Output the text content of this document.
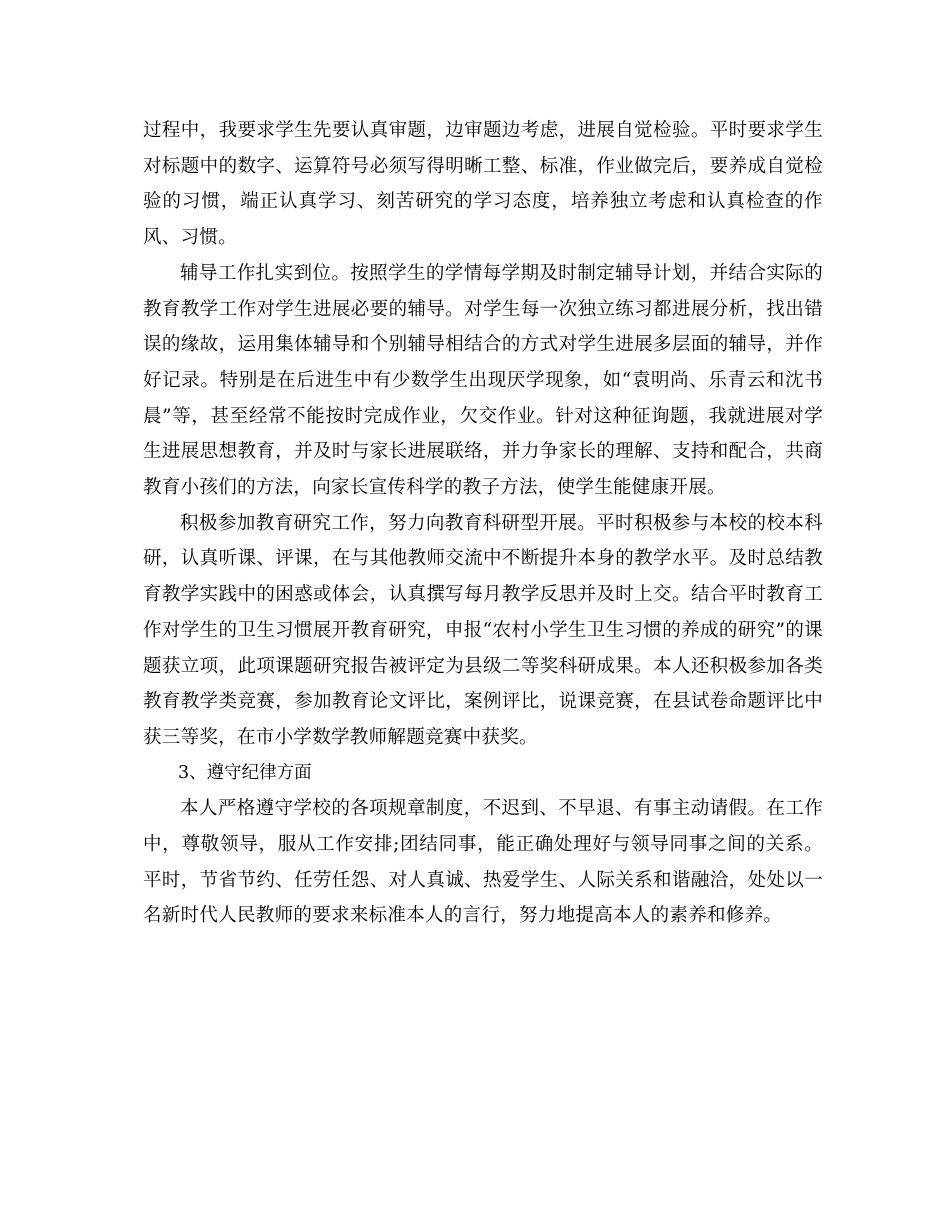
过程中，我要求学生先要认真审题，边审题边考虑，进展自觉检验。平时要求学生对标题中的数字、运算符号必须写得明晰工整、标准，作业做完后，要养成自觉检验的习惯，端正认真学习、刻苦研究的学习态度，培养独立考虑和认真检查的作风、习惯。

辅导工作扎实到位。按照学生的学情每学期及时制定辅导计划，并结合实际的教育教学工作对学生进展必要的辅导。对学生每一次独立练习都进展分析，找出错误的缘故，运用集体辅导和个别辅导相结合的方式对学生进展多层面的辅导，并作好记录。特别是在后进生中有少数学生出现厌学现象，如“袁明尚、乐青云和沈书晨”等，甚至经常不能按时完成作业，欠交作业。针对这种征询题，我就进展对学生进展思想教育，并及时与家长进展联络，并力争家长的理解、支持和配合，共商教育小孩们的方法，向家长宣传科学的教子方法，使学生能健康开展。

积极参加教育研究工作，努力向教育科研型开展。平时积极参与本校的校本科研，认真听课、评课，在与其他教师交流中不断提升本身的教学水平。及时总结教育教学实践中的困惑或体会，认真撰写每月教学反思并及时上交。结合平时教育工作对学生的卫生习惯展开教育研究，申报“农村小学生卫生习惯的养成的研究”的课题获立项，此项课题研究报告被评定为县级二等奖科研成果。本人还积极参加各类教育教学类竞赛，参加教育论文评比，案例评比，说课竞赛，在县试卷命题评比中获三等奖，在市小学数学教师解题竞赛中获奖。

3、遵守纪律方面

本人严格遵守学校的各项规章制度，不迟到、不早退、有事主动请假。在工作中，尊敬领导，服从工作安排;团结同事，能正确处理好与领导同事之间的关系。平时，节省节约、任劳任怨、对人真诚、热爱学生、人际关系和谐融洽，处处以一名新时代人民教师的要求来标准本人的言行，努力地提高本人的素养和修养。
